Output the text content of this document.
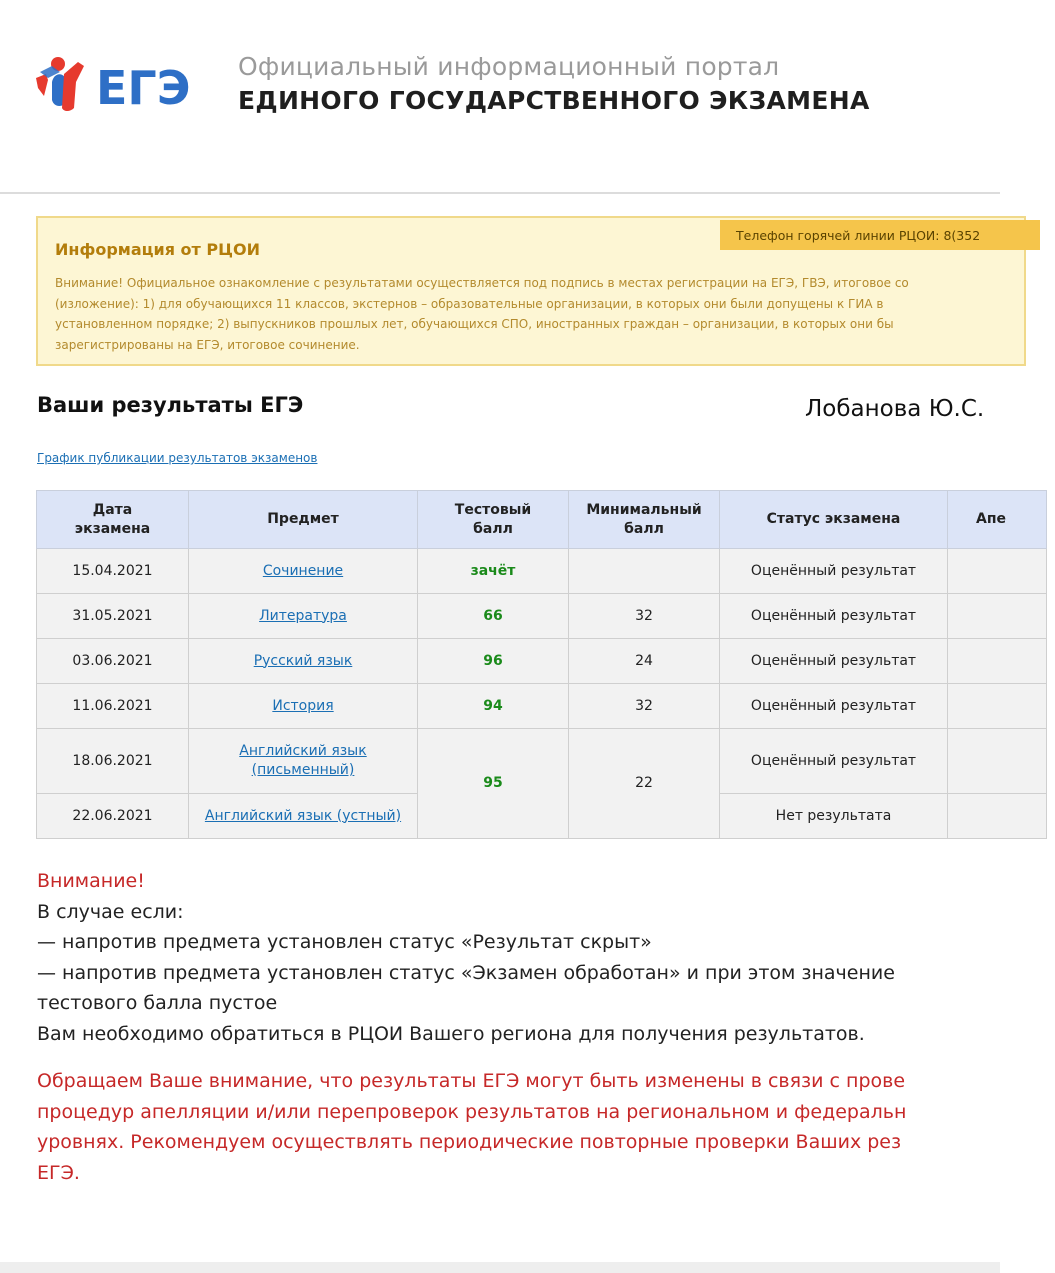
ЕГЭ Официальный информационный портал
ЕДИНОГО ГОСУДАРСТВЕННОГО ЭКЗАМЕНА
Телефон горячей линии РЦОИ: 8(352
Информация от РЦОИ
Внимание! Официальное ознакомление с результатами осуществляется под подпись в местах регистрации на ЕГЭ, ГВЭ, итоговое со
(изложение): 1) для обучающихся 11 классов, экстернов – образовательные организации, в которых они были допущены к ГИА в
установленном порядке; 2) выпускников прошлых лет, обучающихся СПО, иностранных граждан – организации, в которых они бы
зарегистрированы на ЕГЭ, итоговое сочинение.
Ваши результаты ЕГЭ	Лобанова Ю.С.
График публикации результатов экзаменов
Дата экзамена	Предмет	Тестовый балл	Минимальный балл	Статус экзамена	Апе
15.04.2021	Сочинение	зачёт		Оценённый результат	
31.05.2021	Литература	66	32	Оценённый результат	
03.06.2021	Русский язык	96	24	Оценённый результат	
11.06.2021	История	94	32	Оценённый результат	
18.06.2021	Английский язык (письменный)	95	22	Оценённый результат	
22.06.2021	Английский язык (устный)			Нет результата	
Внимание!
В случае если:
— напротив предмета установлен статус «Результат скрыт»
— напротив предмета установлен статус «Экзамен обработан» и при этом значение тестового балла пустое
Вам необходимо обратиться в РЦОИ Вашего региона для получения результатов.
Обращаем Ваше внимание, что результаты ЕГЭ могут быть изменены в связи с прове
процедур апелляции и/или перепроверок результатов на региональном и федеральн
уровнях. Рекомендуем осуществлять периодические повторные проверки Ваших рез
ЕГЭ.
